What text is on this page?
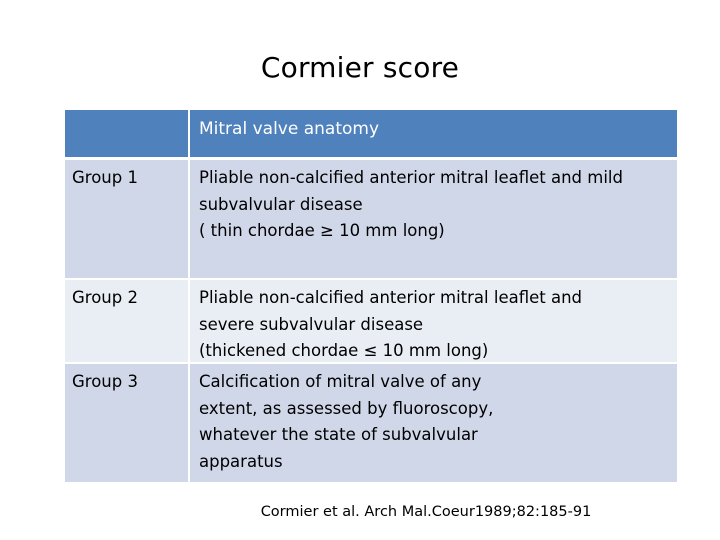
Cormier score
Mitral valve anatomy
Group 1	Pliable non-calcified anterior mitral leaflet and mild
subvalvular disease
( thin chordae ≥ 10 mm long)
Group 2	Pliable non-calcified anterior mitral leaflet and
severe subvalvular disease
(thickened chordae ≤ 10 mm long)
Group 3	Calcification of mitral valve of any
extent, as assessed by fluoroscopy,
whatever the state of subvalvular
apparatus
Cormier et al. Arch Mal.Coeur1989;82:185-91
